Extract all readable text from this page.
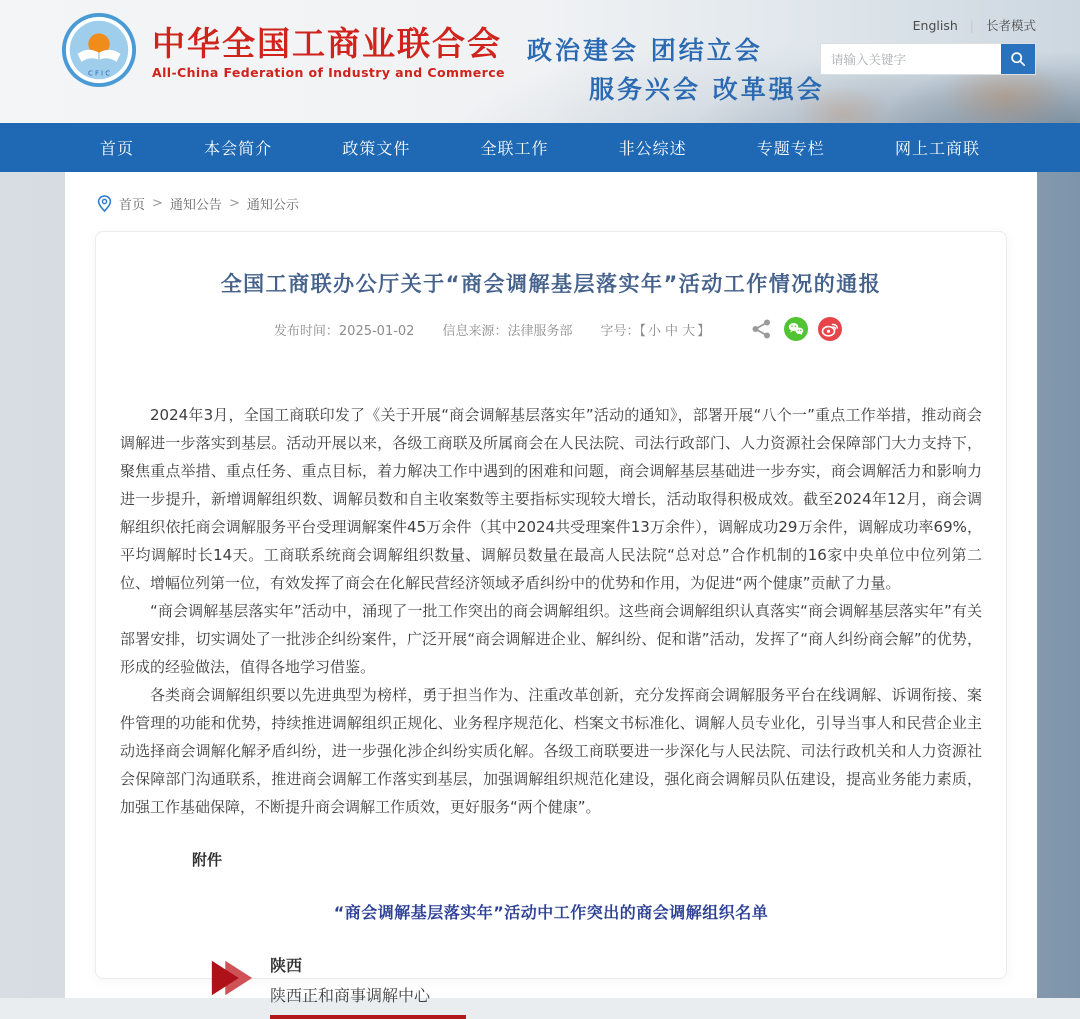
C F I C
中华全国工商业联合会
All-China Federation of Industry and Commerce
政治建会 团结立会
服务兴会 改革强会
English | 长者模式
请输入关键字
首页	本会简介	政策文件	全联工作	非公综述	专题专栏	网上工商联
首页 > 通知公告 > 通知公示
全国工商联办公厅关于“商会调解基层落实年”活动工作情况的通报
发布时间：2025-01-02 信息来源：法律服务部 字号：【 小 中 大 】

2024年3月，全国工商联印发了《关于开展“商会调解基层落实年”活动的通知》，部署开展“八个一”重点工作举措，推动商会调解进一步落实到基层。活动开展以来，各级工商联及所属商会在人民法院、司法行政部门、人力资源社会保障部门大力支持下，聚焦重点举措、重点任务、重点目标，着力解决工作中遇到的困难和问题，商会调解基层基础进一步夯实，商会调解活力和影响力进一步提升，新增调解组织数、调解员数和自主收案数等主要指标实现较大增长，活动取得积极成效。截至2024年12月，商会调解组织依托商会调解服务平台受理调解案件45万余件（其中2024共受理案件13万余件），调解成功29万余件，调解成功率69%，平均调解时长14天。工商联系统商会调解组织数量、调解员数量在最高人民法院“总对总”合作机制的16家中央单位中位列第二位、增幅位列第一位，有效发挥了商会在化解民营经济领域矛盾纠纷中的优势和作用，为促进“两个健康”贡献了力量。

“商会调解基层落实年”活动中，涌现了一批工作突出的商会调解组织。这些商会调解组织认真落实“商会调解基层落实年”有关部署安排，切实调处了一批涉企纠纷案件，广泛开展“商会调解进企业、解纠纷、促和谐”活动，发挥了“商人纠纷商会解”的优势，形成的经验做法，值得各地学习借鉴。

各类商会调解组织要以先进典型为榜样，勇于担当作为、注重改革创新，充分发挥商会调解服务平台在线调解、诉调衔接、案件管理的功能和优势，持续推进调解组织正规化、业务程序规范化、档案文书标准化、调解人员专业化，引导当事人和民营企业主动选择商会调解化解矛盾纠纷，进一步强化涉企纠纷实质化解。各级工商联要进一步深化与人民法院、司法行政机关和人力资源社会保障部门沟通联系，推进商会调解工作落实到基层，加强调解组织规范化建设，强化商会调解员队伍建设，提高业务能力素质，加强工作基础保障，不断提升商会调解工作质效，更好服务“两个健康”。

附件
“商会调解基层落实年”活动中工作突出的商会调解组织名单
陕西
陕西正和商事调解中心
